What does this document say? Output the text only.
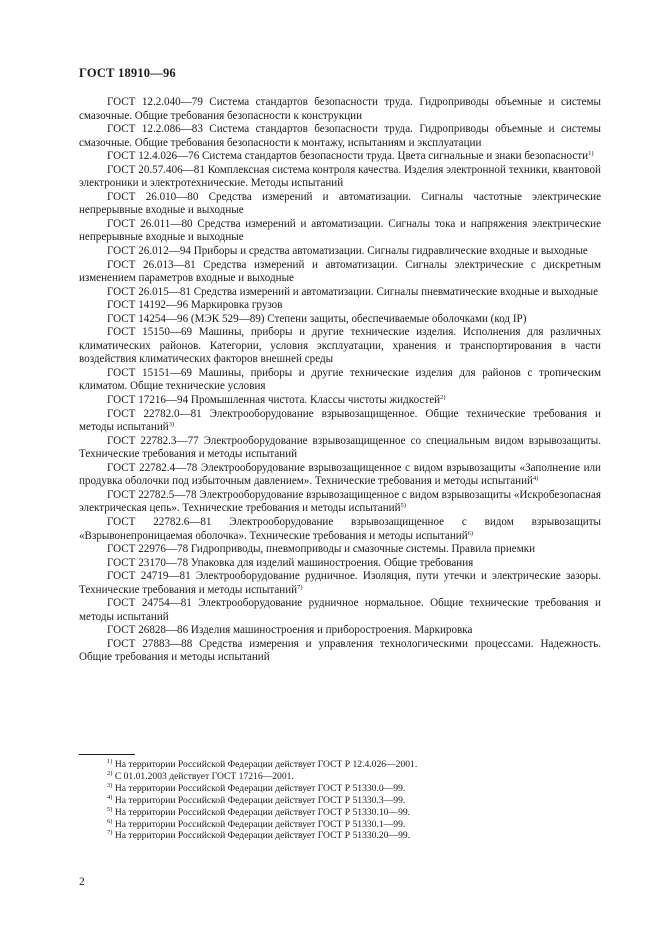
ГОСТ 18910—96

ГОСТ 12.2.040—79 Система стандартов безопасности труда. Гидроприводы объемные и системы смазочные. Общие требования безопасности к конструкции

ГОСТ 12.2.086—83 Система стандартов безопасности труда. Гидроприводы объемные и системы смазочные. Общие требования безопасности к монтажу, испытаниям и эксплуатации

ГОСТ 12.4.026—76 Система стандартов безопасности труда. Цвета сигнальные и знаки безопасности$^{1)}$

ГОСТ 20.57.406—81 Комплексная система контроля качества. Изделия электронной техники, квантовой электроники и электротехнические. Методы испытаний

ГОСТ 26.010—80 Средства измерений и автоматизации. Сигналы частотные электрические непрерывные входные и выходные

ГОСТ 26.011—80 Средства измерений и автоматизации. Сигналы тока и напряжения электрические непрерывные входные и выходные

ГОСТ 26.012—94 Приборы и средства автоматизации. Сигналы гидравлические входные и выходные

ГОСТ 26.013—81 Средства измерений и автоматизации. Сигналы электрические с дискретным изменением параметров входные и выходные

ГОСТ 26.015—81 Средства измерений и автоматизации. Сигналы пневматические входные и выходные

ГОСТ 14192—96 Маркировка грузов

ГОСТ 14254—96 (МЭК 529—89) Степени защиты, обеспечиваемые оболочками (код IP)

ГОСТ 15150—69 Машины, приборы и другие технические изделия. Исполнения для различных климатических районов. Категории, условия эксплуатации, хранения и транспортирования в части воздействия климатических факторов внешней среды

ГОСТ 15151—69 Машины, приборы и другие технические изделия для районов с тропическим климатом. Общие технические условия

ГОСТ 17216—94 Промышленная чистота. Классы чистоты жидкостей$^{2)}$

ГОСТ 22782.0—81 Электрооборудование взрывозащищенное. Общие технические требования и методы испытаний$^{3)}$

ГОСТ 22782.3—77 Электрооборудование взрывозащищенное со специальным видом взрывозащиты. Технические требования и методы испытаний

ГОСТ 22782.4—78 Электрооборудование взрывозащищенное с видом взрывозащиты «Заполнение или продувка оболочки под избыточным давлением». Технические требования и методы испытаний$^{4)}$

ГОСТ 22782.5—78 Электрооборудование взрывозащищенное с видом взрывозащиты «Искробезопасная электрическая цепь». Технические требования и методы испытаний$^{5)}$

ГОСТ 22782.6—81 Электрооборудование взрывозащищенное с видом взрывозащиты «Взрывонепроницаемая оболочка». Технические требования и методы испытаний$^{6)}$

ГОСТ 22976—78 Гидроприводы, пневмоприводы и смазочные системы. Правила приемки

ГОСТ 23170—78 Упаковка для изделий машиностроения. Общие требования

ГОСТ 24719—81 Электрооборудование рудничное. Изоляция, пути утечки и электрические зазоры. Технические требования и методы испытаний$^{7)}$

ГОСТ 24754—81 Электрооборудование рудничное нормальное. Общие технические требования и методы испытаний

ГОСТ 26828—86 Изделия машиностроения и приборостроения. Маркировка

ГОСТ 27883—88 Средства измерения и управления технологическими процессами. Надежность. Общие требования и методы испытаний

$^{1)}$ На территории Российской Федерации действует ГОСТ Р 12.4.026—2001.

$^{2)}$ С 01.01.2003 действует ГОСТ 17216—2001.

$^{3)}$ На территории Российской Федерации действует ГОСТ Р 51330.0—99.

$^{4)}$ На территории Российской Федерации действует ГОСТ Р 51330.3—99.

$^{5)}$ На территории Российской Федерации действует ГОСТ Р 51330.10—99.

$^{6)}$ На территории Российской Федерации действует ГОСТ Р 51330.1—99.

$^{7)}$ На территории Российской Федерации действует ГОСТ Р 51330.20—99.

2
